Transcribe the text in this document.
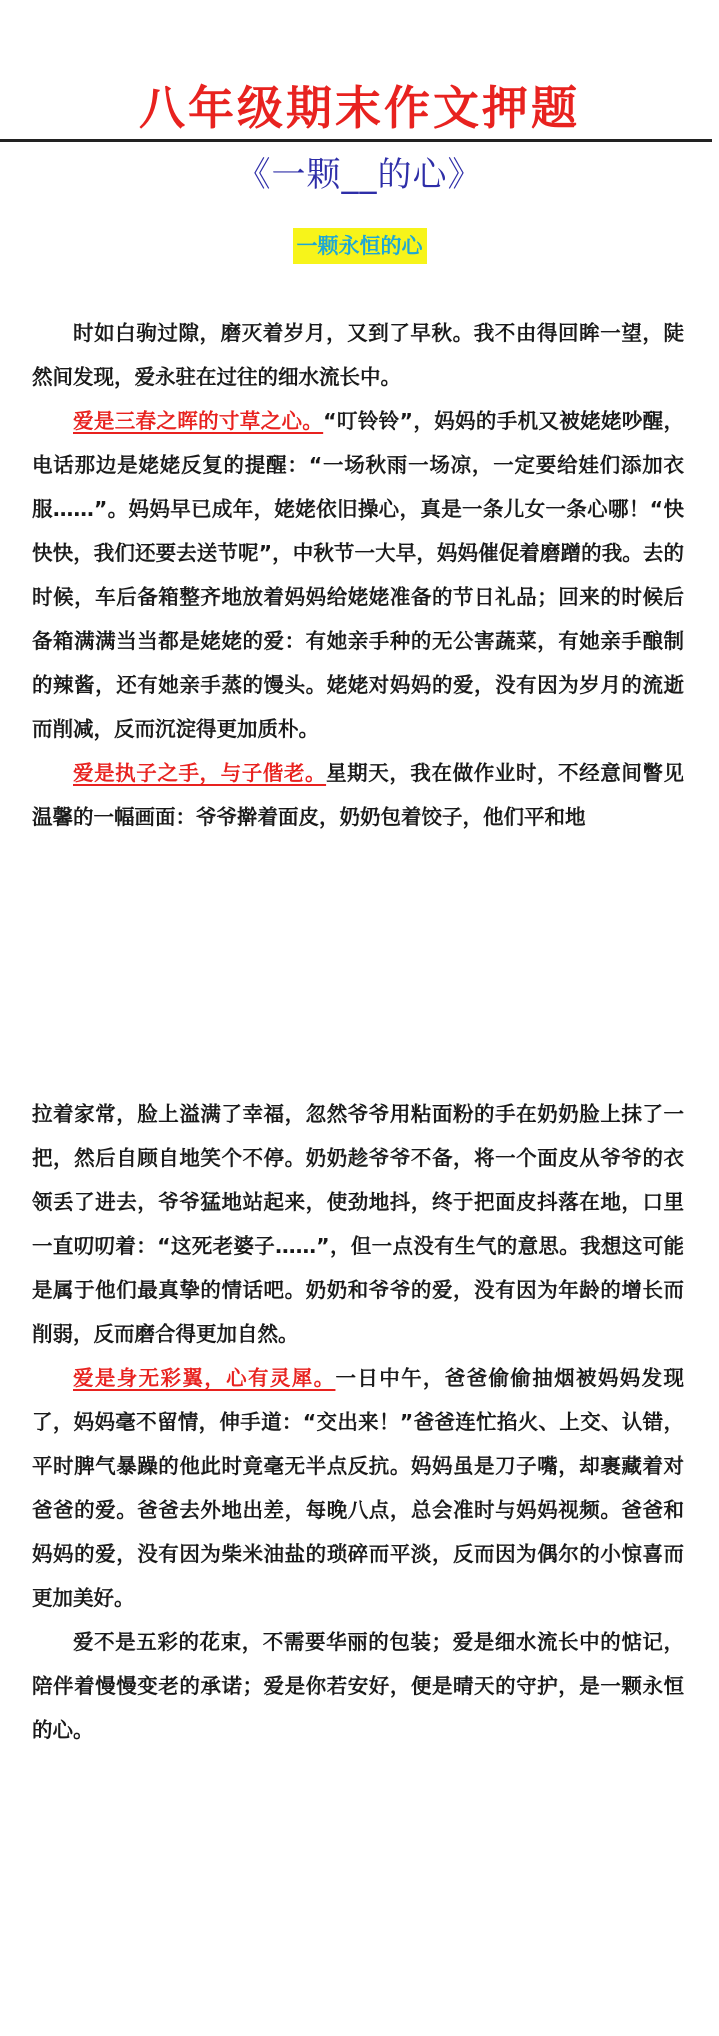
八年级期末作文押题
《一颗__的心》
一颗永恒的心

时如白驹过隙，磨灭着岁月，又到了早秋。我不由得回眸一望，陡然间发现，爱永驻在过往的细水流长中。

爱是三春之晖的寸草之心。“叮铃铃”，妈妈的手机又被姥姥吵醒，电话那边是姥姥反复的提醒：“一场秋雨一场凉，一定要给娃们添加衣服……”。妈妈早已成年，姥姥依旧操心，真是一条儿女一条心哪！“快快快，我们还要去送节呢”，中秋节一大早，妈妈催促着磨蹭的我。去的时候，车后备箱整齐地放着妈妈给姥姥准备的节日礼品；回来的时候后备箱满满当当都是姥姥的爱：有她亲手种的无公害蔬菜，有她亲手酿制的辣酱，还有她亲手蒸的馒头。姥姥对妈妈的爱，没有因为岁月的流逝而削减，反而沉淀得更加质朴。

爱是执子之手，与子偕老。星期天，我在做作业时，不经意间瞥见温馨的一幅画面：爷爷擀着面皮，奶奶包着饺子，他们平和地

拉着家常，脸上溢满了幸福，忽然爷爷用粘面粉的手在奶奶脸上抹了一把，然后自顾自地笑个不停。奶奶趁爷爷不备，将一个面皮从爷爷的衣领丢了进去，爷爷猛地站起来，使劲地抖，终于把面皮抖落在地，口里一直叨叨着：“这死老婆子……”，但一点没有生气的意思。我想这可能是属于他们最真挚的情话吧。奶奶和爷爷的爱，没有因为年龄的增长而削弱，反而磨合得更加自然。

爱是身无彩翼，心有灵犀。一日中午，爸爸偷偷抽烟被妈妈发现了，妈妈毫不留情，伸手道：“交出来！”爸爸连忙掐火、上交、认错，平时脾气暴躁的他此时竟毫无半点反抗。妈妈虽是刀子嘴，却裹藏着对爸爸的爱。爸爸去外地出差，每晚八点，总会准时与妈妈视频。爸爸和妈妈的爱，没有因为柴米油盐的琐碎而平淡，反而因为偶尔的小惊喜而更加美好。

爱不是五彩的花束，不需要华丽的包装；爱是细水流长中的惦记，陪伴着慢慢变老的承诺；爱是你若安好，便是晴天的守护，是一颗永恒的心。
